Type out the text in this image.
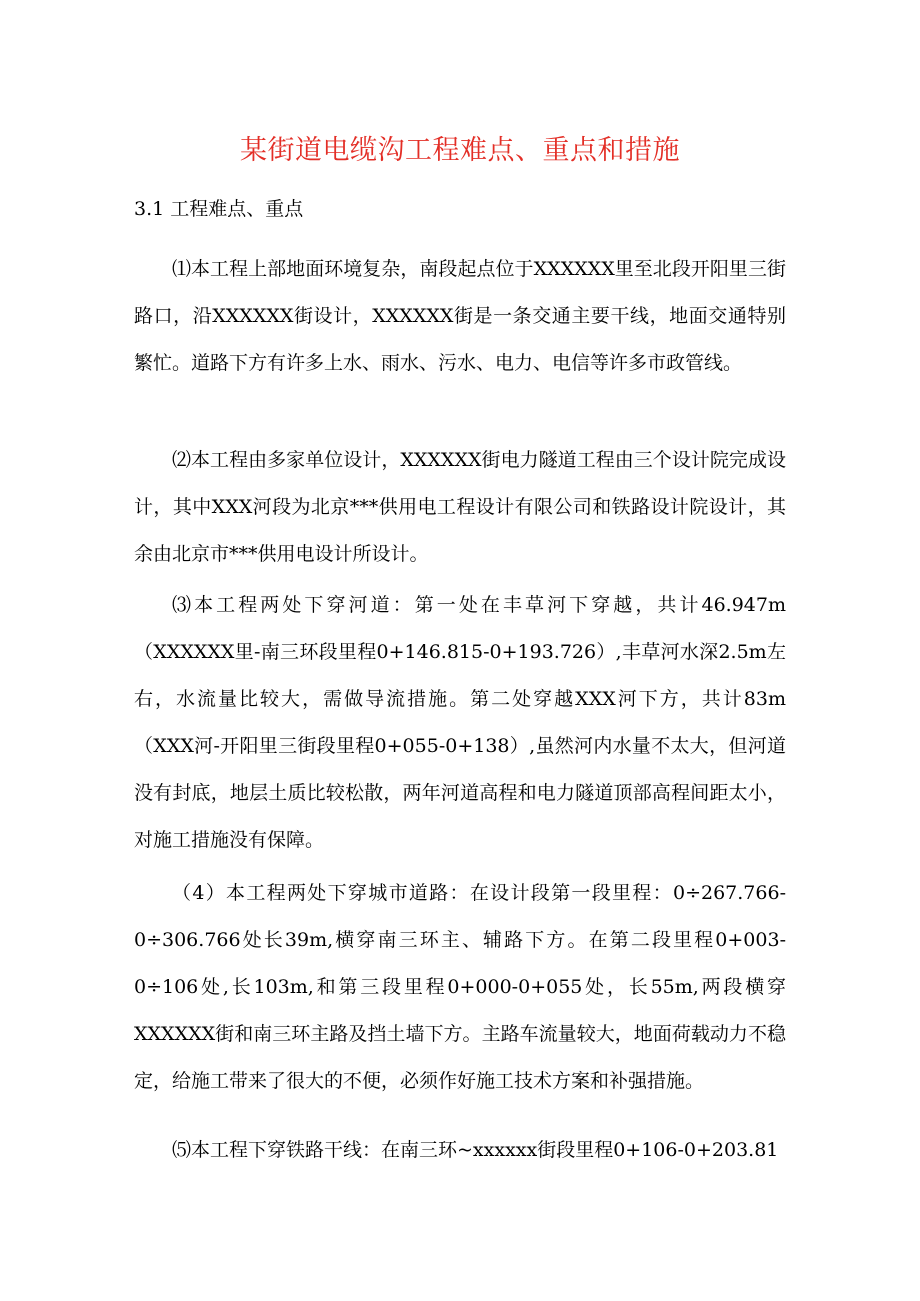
某街道电缆沟工程难点、重点和措施
3.1 工程难点、重点

⑴本工程上部地面环境复杂，南段起点位于XXXXXX里至北段开阳里三街路口，沿XXXXXX街设计，XXXXXX街是一条交通主要干线，地面交通特别繁忙。道路下方有许多上水、雨水、污水、电力、电信等许多市政管线。

⑵本工程由多家单位设计，XXXXXX街电力隧道工程由三个设计院完成设计，其中XXX河段为北京***供用电工程设计有限公司和铁路设计院设计，其余由北京市***供用电设计所设计。

⑶本工程两处下穿河道：第一处在丰草河下穿越，共计46.947m（XXXXXX里-南三环段里程0+146.815-0+193.726）,丰草河水深2.5m左右，水流量比较大，需做导流措施。第二处穿越XXX河下方，共计83m（XXX河-开阳里三街段里程0+055-0+138）,虽然河内水量不太大，但河道没有封底，地层土质比较松散，两年河道高程和电力隧道顶部高程间距太小，对施工措施没有保障。

（4）本工程两处下穿城市道路：在设计段第一段里程：0÷267.766-0÷306.766处长39m,横穿南三环主、辅路下方。在第二段里程0+003-0÷106处,长103m,和第三段里程0+000-0+055处，长55m,两段横穿XXXXXX街和南三环主路及挡土墙下方。主路车流量较大，地面荷载动力不稳定，给施工带来了很大的不便，必须作好施工技术方案和补强措施。

⑸本工程下穿铁路干线：在南三环~xxxxxx街段里程0+106-0+203.81
